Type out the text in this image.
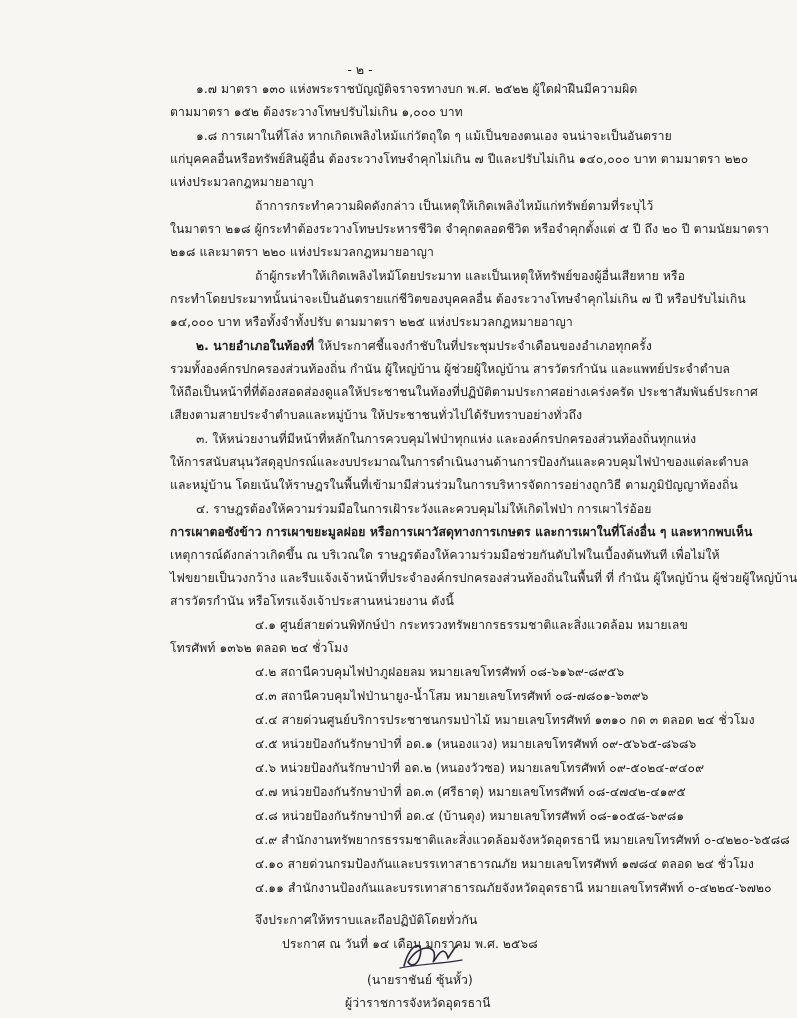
- ๒ -
๑.๗ มาตรา ๑๓๐ แห่งพระราชบัญญัติจราจรทางบก พ.ศ. ๒๕๒๒ ผู้ใดฝ่าฝืนมีความผิด
ตามมาตรา ๑๕๒ ต้องระวางโทษปรับไม่เกิน ๑,๐๐๐ บาท
๑.๘ การเผาในที่โล่ง หากเกิดเพลิงไหม้แก่วัตถุใด ๆ แม้เป็นของตนเอง จนน่าจะเป็นอันตราย
แก่บุคคลอื่นหรือทรัพย์สินผู้อื่น ต้องระวางโทษจำคุกไม่เกิน ๗ ปีและปรับไม่เกิน ๑๔๐,๐๐๐ บาท ตามมาตรา ๒๒๐
แห่งประมวลกฎหมายอาญา
ถ้าการกระทำความผิดดังกล่าว เป็นเหตุให้เกิดเพลิงไหม้แก่ทรัพย์ตามที่ระบุไว้
ในมาตรา ๒๑๘ ผู้กระทำต้องระวางโทษประหารชีวิต จำคุกตลอดชีวิต หรือจำคุกตั้งแต่ ๕ ปี ถึง ๒๐ ปี ตามนัยมาตรา
๒๑๘ และมาตรา ๒๒๐ แห่งประมวลกฎหมายอาญา
ถ้าผู้กระทำให้เกิดเพลิงไหม้โดยประมาท และเป็นเหตุให้ทรัพย์ของผู้อื่นเสียหาย หรือ
กระทำโดยประมาทนั้นน่าจะเป็นอันตรายแก่ชีวิตของบุคคลอื่น ต้องระวางโทษจำคุกไม่เกิน ๗ ปี หรือปรับไม่เกิน
๑๔,๐๐๐ บาท หรือทั้งจำทั้งปรับ ตามมาตรา ๒๒๕ แห่งประมวลกฎหมายอาญา
๒. นายอำเภอในท้องที่ ให้ประกาศชี้แจงกำชับในที่ประชุมประจำเดือนของอำเภอทุกครั้ง
รวมทั้งองค์กรปกครองส่วนท้องถิ่น กำนัน ผู้ใหญ่บ้าน ผู้ช่วยผู้ใหญ่บ้าน สารวัตรกำนัน และแพทย์ประจำตำบล
ให้ถือเป็นหน้าที่ที่ต้องสอดส่องดูแลให้ประชาชนในท้องที่ปฏิบัติตามประกาศอย่างเคร่งครัด ประชาสัมพันธ์ประกาศ
เสียงตามสายประจำตำบลและหมู่บ้าน ให้ประชาชนทั่วไปได้รับทราบอย่างทั่วถึง
๓. ให้หน่วยงานที่มีหน้าที่หลักในการควบคุมไฟป่าทุกแห่ง และองค์กรปกครองส่วนท้องถิ่นทุกแห่ง
ให้การสนับสนุนวัสดุอุปกรณ์และงบประมาณในการดำเนินงานด้านการป้องกันและควบคุมไฟป่าของแต่ละตำบล
และหมู่บ้าน โดยเน้นให้ราษฎรในพื้นที่เข้ามามีส่วนร่วมในการบริหารจัดการอย่างถูกวิธี ตามภูมิปัญญาท้องถิ่น
๔. ราษฎรต้องให้ความร่วมมือในการเฝ้าระวังและควบคุมไม่ให้เกิดไฟป่า การเผาไร่อ้อย
การเผาตอซังข้าว การเผาขยะมูลฝอย หรือการเผาวัสดุทางการเกษตร และการเผาในที่โล่งอื่น ๆ และหากพบเห็น
เหตุการณ์ดังกล่าวเกิดขึ้น ณ บริเวณใด ราษฎรต้องให้ความร่วมมือช่วยกันดับไฟในเบื้องต้นทันที เพื่อไม่ให้
ไฟขยายเป็นวงกว้าง และรีบแจ้งเจ้าหน้าที่ประจำองค์กรปกครองส่วนท้องถิ่นในพื้นที่ ที่ กำนัน ผู้ใหญ่บ้าน ผู้ช่วยผู้ใหญ่บ้าน
สารวัตรกำนัน หรือโทรแจ้งเจ้าประสานหน่วยงาน ดังนี้
๔.๑ ศูนย์สายด่วนพิทักษ์ป่า กระทรวงทรัพยากรธรรมชาติและสิ่งแวดล้อม หมายเลข
โทรศัพท์ ๑๓๖๒ ตลอด ๒๔ ชั่วโมง
๔.๒ สถานีควบคุมไฟป่าภูฝอยลม หมายเลขโทรศัพท์ ๐๘-๖๑๖๙-๘๙๕๖
๔.๓ สถานีควบคุมไฟป่านายูง-น้ำโสม หมายเลขโทรศัพท์ ๐๘-๗๘๐๑-๖๓๙๖
๔.๔ สายด่วนศูนย์บริการประชาชนกรมป่าไม้ หมายเลขโทรศัพท์ ๑๓๑๐ กด ๓ ตลอด ๒๔ ชั่วโมง
๔.๕ หน่วยป้องกันรักษาป่าที่ อด.๑ (หนองแวง) หมายเลขโทรศัพท์ ๐๙-๕๖๖๕-๘๖๘๖
๔.๖ หน่วยป้องกันรักษาป่าที่ อด.๒ (หนองวัวซอ) หมายเลขโทรศัพท์ ๐๙-๕๐๒๔-๙๔๐๙
๔.๗ หน่วยป้องกันรักษาป่าที่ อด.๓ (ศรีธาตุ) หมายเลขโทรศัพท์ ๐๘-๔๗๔๒-๔๑๙๕
๔.๘ หน่วยป้องกันรักษาป่าที่ อด.๔ (บ้านดุง) หมายเลขโทรศัพท์ ๐๘-๑๐๕๘-๖๙๘๑
๔.๙ สำนักงานทรัพยากรธรรมชาติและสิ่งแวดล้อมจังหวัดอุดรธานี หมายเลขโทรศัพท์ ๐-๔๒๒๐-๖๕๘๘
๔.๑๐ สายด่วนกรมป้องกันและบรรเทาสาธารณภัย หมายเลขโทรศัพท์ ๑๗๘๔ ตลอด ๒๔ ชั่วโมง
๔.๑๑ สำนักงานป้องกันและบรรเทาสาธารณภัยจังหวัดอุดรธานี หมายเลขโทรศัพท์ ๐-๔๒๒๔-๖๗๒๐
จึงประกาศให้ทราบและถือปฏิบัติโดยทั่วกัน
ประกาศ ณ วันที่ ๑๔ เดือน มกราคม พ.ศ. ๒๕๖๘
(นายราชันย์ ซุ้นหั้ว)
ผู้ว่าราชการจังหวัดอุดรธานี
